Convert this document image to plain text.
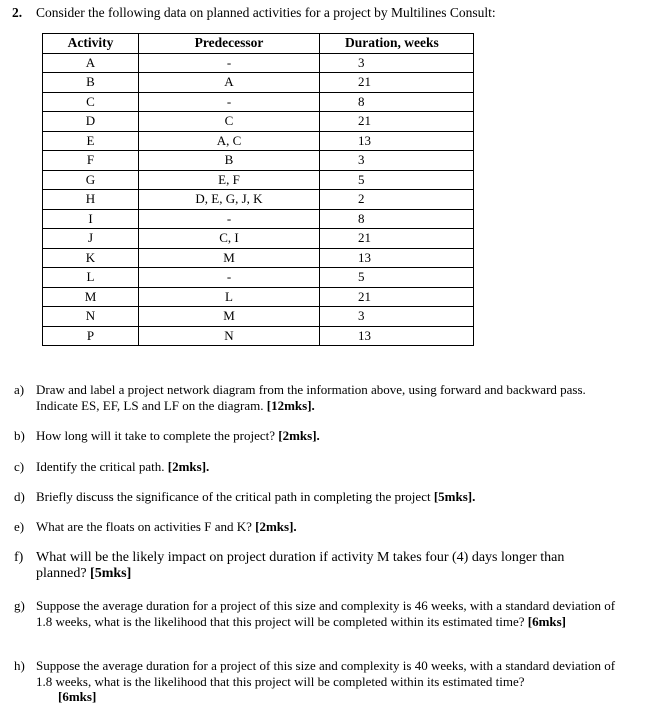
2. Consider the following data on planned activities for a project by Multilines Consult:
Activity	Predecessor	Duration, weeks
A	-	3
B	A	21
C	-	8
D	C	21
E	A, C	13
F	B	3
G	E, F	5
H	D, E, G, J, K	2
I	-	8
J	C, I	21
K	M	13
L	-	5
M	L	21
N	M	3
P	N	13
a) Draw and label a project network diagram from the information above, using forward and backward pass. Indicate ES, EF, LS and LF on the diagram. [12mks].
b) How long will it take to complete the project? [2mks].
c) Identify the critical path. [2mks].
d) Briefly discuss the significance of the critical path in completing the project [5mks].
e) What are the floats on activities F and K? [2mks].
f) What will be the likely impact on project duration if activity M takes four (4) days longer than planned? [5mks]
g) Suppose the average duration for a project of this size and complexity is 46 weeks, with a standard deviation of 1.8 weeks, what is the likelihood that this project will be completed within its estimated time? [6mks]
h) Suppose the average duration for a project of this size and complexity is 40 weeks, with a standard deviation of 1.8 weeks, what is the likelihood that this project will be completed within its estimated time?
[6mks]
